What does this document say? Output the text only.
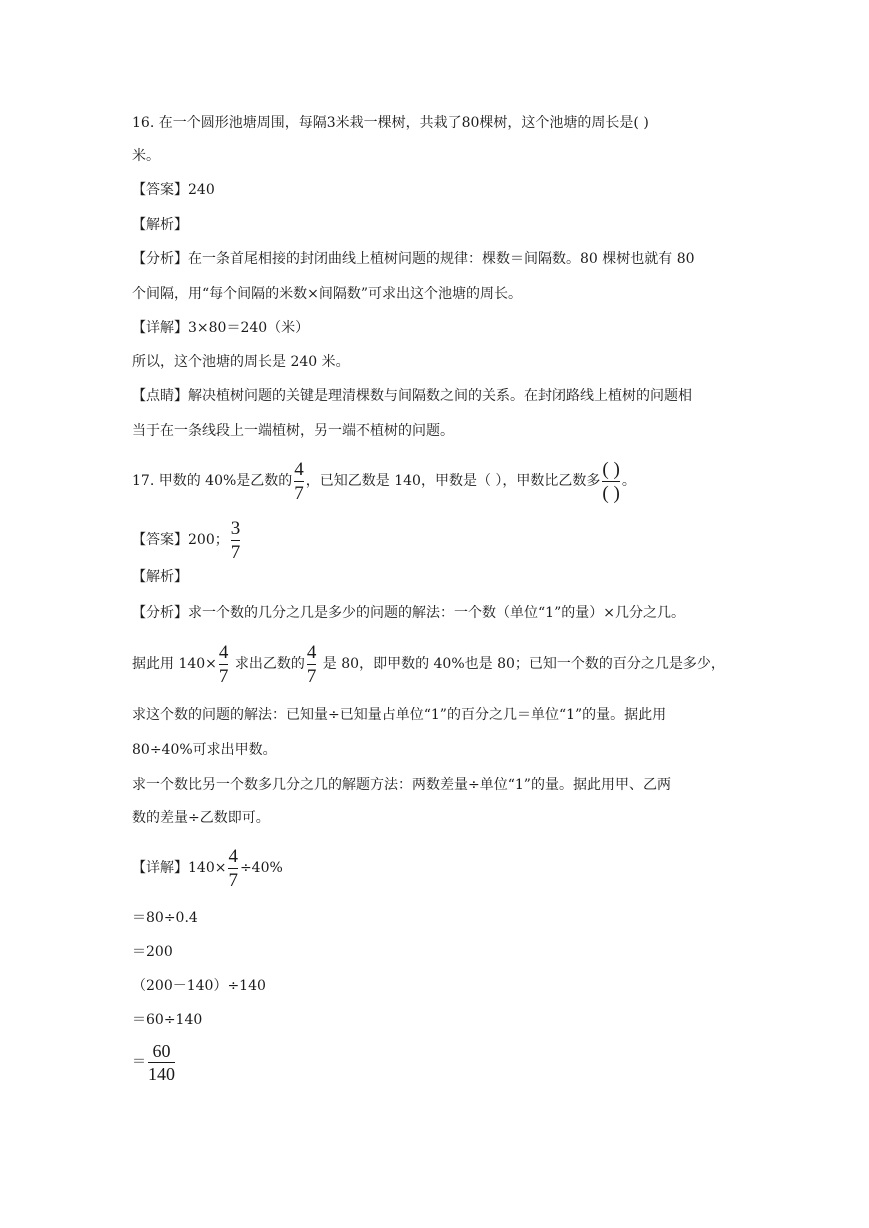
16. 在一个圆形池塘周围，每隔3米栽一棵树，共栽了80棵树，这个池塘的周长是( )
米。
【答案】240
【解析】
【分析】在一条首尾相接的封闭曲线上植树问题的规律：棵数＝间隔数。80 棵树也就有 80
个间隔，用“每个间隔的米数×间隔数”可求出这个池塘的周长。
【详解】3×80＝240（米）
所以，这个池塘的周长是 240 米。
【点睛】解决植树问题的关键是理清棵数与间隔数之间的关系。在封闭路线上植树的问题相
当于在一条线段上一端植树，另一端不植树的问题。
17. 甲数的 40%是乙数的 $\frac{4}{7}$ ，已知乙数是 140，甲数是（ ），甲数比乙数多 $\frac{( )}{( )}$ 。
【答案】200； $\frac{3}{7}$
【解析】
【分析】求一个数的几分之几是多少的问题的解法：一个数（单位“1”的量）×几分之几。
据此用 $140\times \frac{4}{7}$ 求出乙数的 $\frac{4}{7}$ 是 80，即甲数的 40%也是 80；已知一个数的百分之几是多少，
求这个数的问题的解法：已知量÷已知量占单位“1”的百分之几＝单位“1”的量。据此用
80÷40%可求出甲数。
求一个数比另一个数多几分之几的解题方法：两数差量÷单位“1”的量。据此用甲、乙两
数的差量÷乙数即可。
【详解】$140\times \frac{4}{7} \div 40\%$
＝80÷0.4
＝200
（200－140）÷140
＝60÷140
＝ $\frac{60}{140}$
